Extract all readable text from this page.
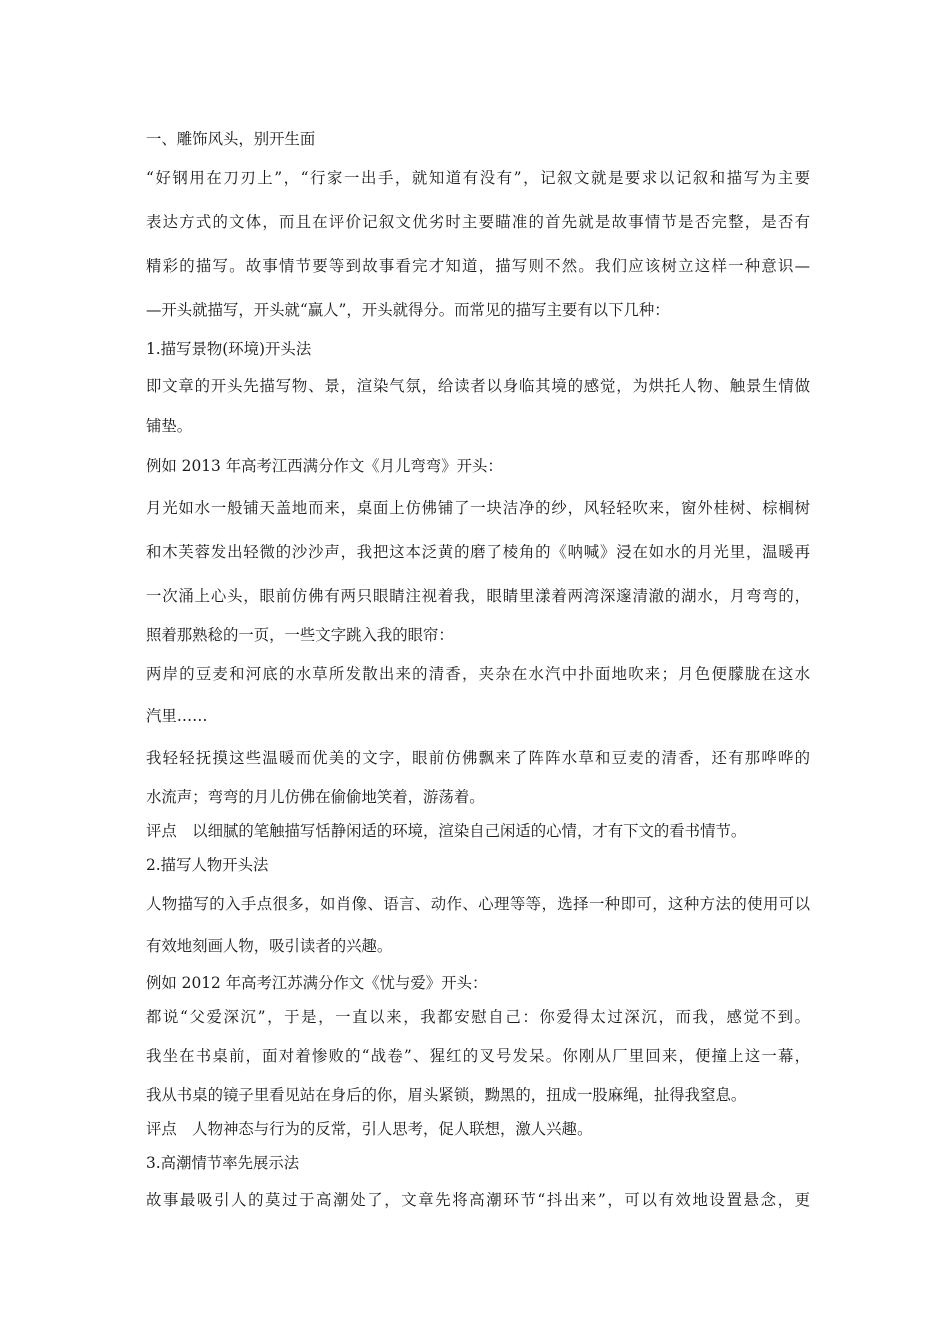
一、雕饰风头，别开生面

“好钢用在刀刃上”，“行家一出手，就知道有没有”，记叙文就是要求以记叙和描写为主要

表达方式的文体，而且在评价记叙文优劣时主要瞄准的首先就是故事情节是否完整，是否有

精彩的描写。故事情节要等到故事看完才知道，描写则不然。我们应该树立这样一种意识—

—开头就描写，开头就“赢人”，开头就得分。而常见的描写主要有以下几种：

1.描写景物(环境)开头法

即文章的开头先描写物、景，渲染气氛，给读者以身临其境的感觉，为烘托人物、触景生情做

铺垫。

例如 2013 年高考江西满分作文《月儿弯弯》开头：

月光如水一般铺天盖地而来，桌面上仿佛铺了一块洁净的纱，风轻轻吹来，窗外桂树、棕榈树

和木芙蓉发出轻微的沙沙声，我把这本泛黄的磨了棱角的《呐喊》浸在如水的月光里，温暖再

一次涌上心头，眼前仿佛有两只眼睛注视着我，眼睛里漾着两湾深邃清澈的湖水，月弯弯的，

照着那熟稔的一页，一些文字跳入我的眼帘：

两岸的豆麦和河底的水草所发散出来的清香，夹杂在水汽中扑面地吹来；月色便朦胧在这水

汽里……

我轻轻抚摸这些温暖而优美的文字，眼前仿佛飘来了阵阵水草和豆麦的清香，还有那哗哗的

水流声；弯弯的月儿仿佛在偷偷地笑着，游荡着。

评点　以细腻的笔触描写恬静闲适的环境，渲染自己闲适的心情，才有下文的看书情节。

2.描写人物开头法

人物描写的入手点很多，如肖像、语言、动作、心理等等，选择一种即可，这种方法的使用可以

有效地刻画人物，吸引读者的兴趣。

例如 2012 年高考江苏满分作文《忧与爱》开头：

都说“父爱深沉”，于是，一直以来，我都安慰自己：你爱得太过深沉，而我，感觉不到。

我坐在书桌前，面对着惨败的“战卷”、猩红的叉号发呆。你刚从厂里回来，便撞上这一幕，

我从书桌的镜子里看见站在身后的你，眉头紧锁，黝黑的，扭成一股麻绳，扯得我窒息。

评点　人物神态与行为的反常，引人思考，促人联想，激人兴趣。

3.高潮情节率先展示法

故事最吸引人的莫过于高潮处了，文章先将高潮环节“抖出来”，可以有效地设置悬念，更
